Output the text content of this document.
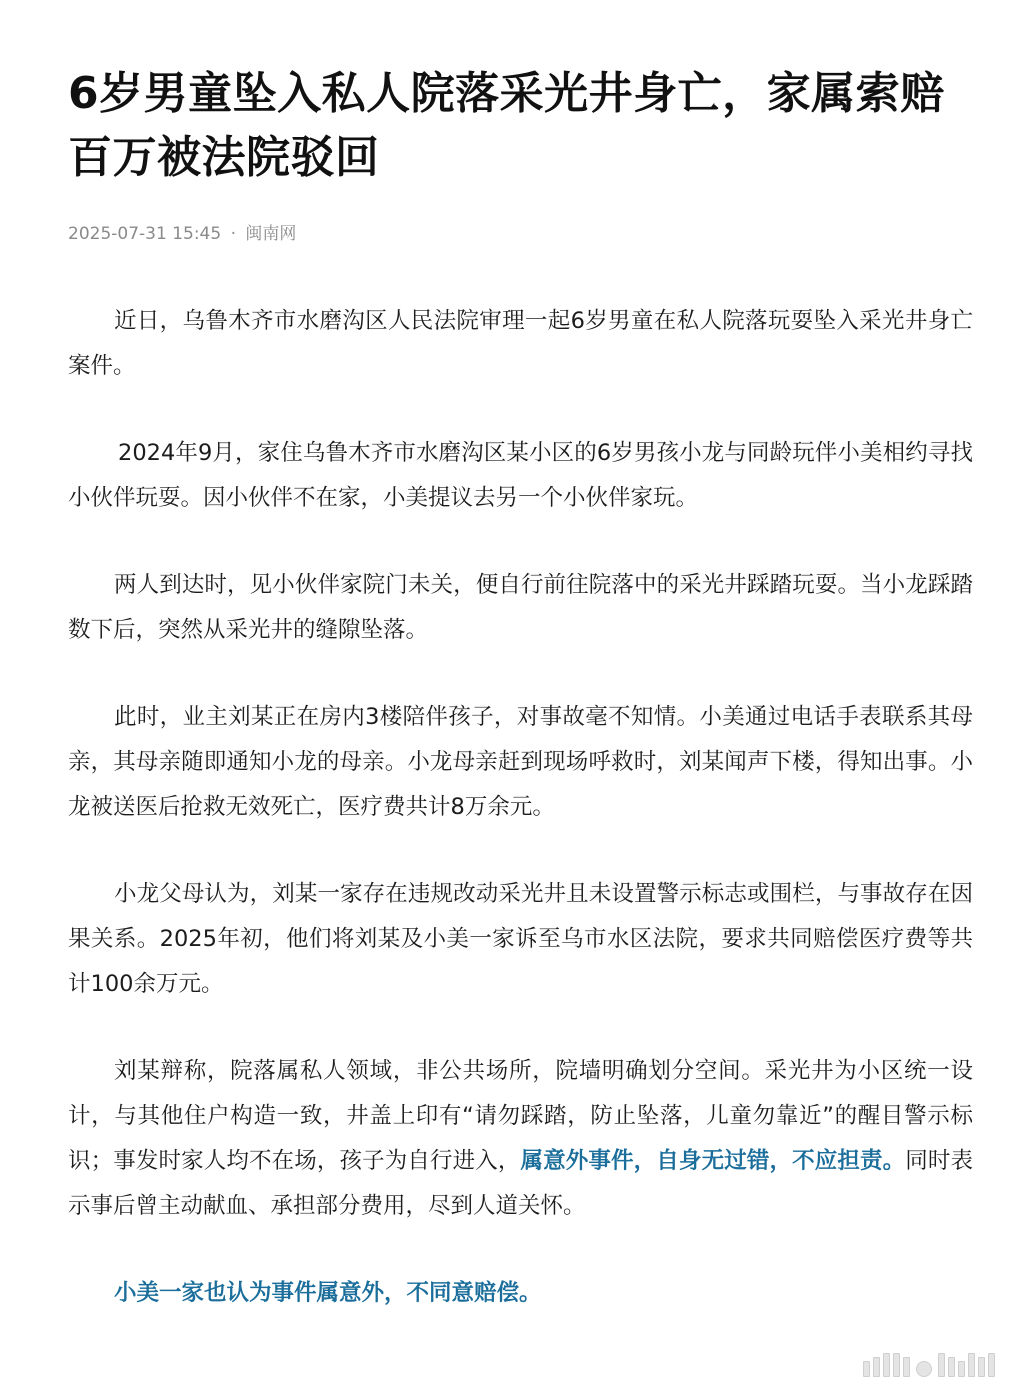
6岁男童坠入私人院落采光井身亡，家属索赔百万被法院驳回
2025-07-31 15:45 · 闽南网

近日，乌鲁木齐市水磨沟区人民法院审理一起6岁男童在私人院落玩耍坠入采光井身亡案件。

2024年9月，家住乌鲁木齐市水磨沟区某小区的6岁男孩小龙与同龄玩伴小美相约寻找小伙伴玩耍。因小伙伴不在家，小美提议去另一个小伙伴家玩。

两人到达时，见小伙伴家院门未关，便自行前往院落中的采光井踩踏玩耍。当小龙踩踏数下后，突然从采光井的缝隙坠落。

此时，业主刘某正在房内3楼陪伴孩子，对事故毫不知情。小美通过电话手表联系其母亲，其母亲随即通知小龙的母亲。小龙母亲赶到现场呼救时，刘某闻声下楼，得知出事。小龙被送医后抢救无效死亡，医疗费共计8万余元。

小龙父母认为，刘某一家存在违规改动采光井且未设置警示标志或围栏，与事故存在因果关系。2025年初，他们将刘某及小美一家诉至乌市水区法院，要求共同赔偿医疗费等共计100余万元。

刘某辩称，院落属私人领域，非公共场所，院墙明确划分空间。采光井为小区统一设计，与其他住户构造一致，井盖上印有“请勿踩踏，防止坠落，儿童勿靠近”的醒目警示标识；事发时家人均不在场，孩子为自行进入，属意外事件，自身无过错，不应担责。同时表示事后曾主动献血、承担部分费用，尽到人道关怀。

小美一家也认为事件属意外，不同意赔偿。
